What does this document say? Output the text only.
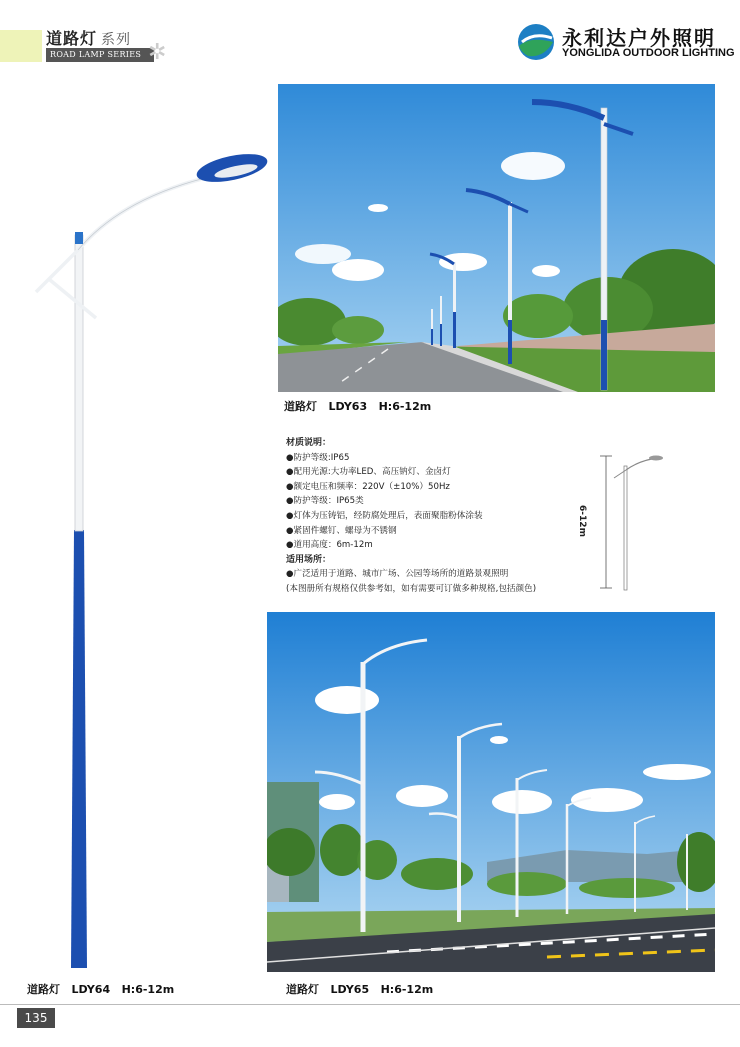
道路灯 系列
ROAD LAMP SERIES ✲
永利达户外照明
YONGLIDA OUTDOOR LIGHTING
道路灯   LDY63   H:6-12m
材质说明：
●防护等级:IP65
●配用光源:大功率LED、高压钠灯、金卤灯
●额定电压和频率：220V（±10%）50Hz
●防护等级：IP65类
●灯体为压铸铝，经防腐处理后，表面聚脂粉体涂装
●紧固件螺钉、螺母为不锈钢
●道用高度：6m-12m
适用场所：
●广泛适用于道路、城市广场、公园等场所的道路景观照明
(本图册所有规格仅供参考如，如有需要可订做多种规格,包括颜色)
6-12m
道路灯   LDY64   H:6-12m	道路灯   LDY65   H:6-12m
135
